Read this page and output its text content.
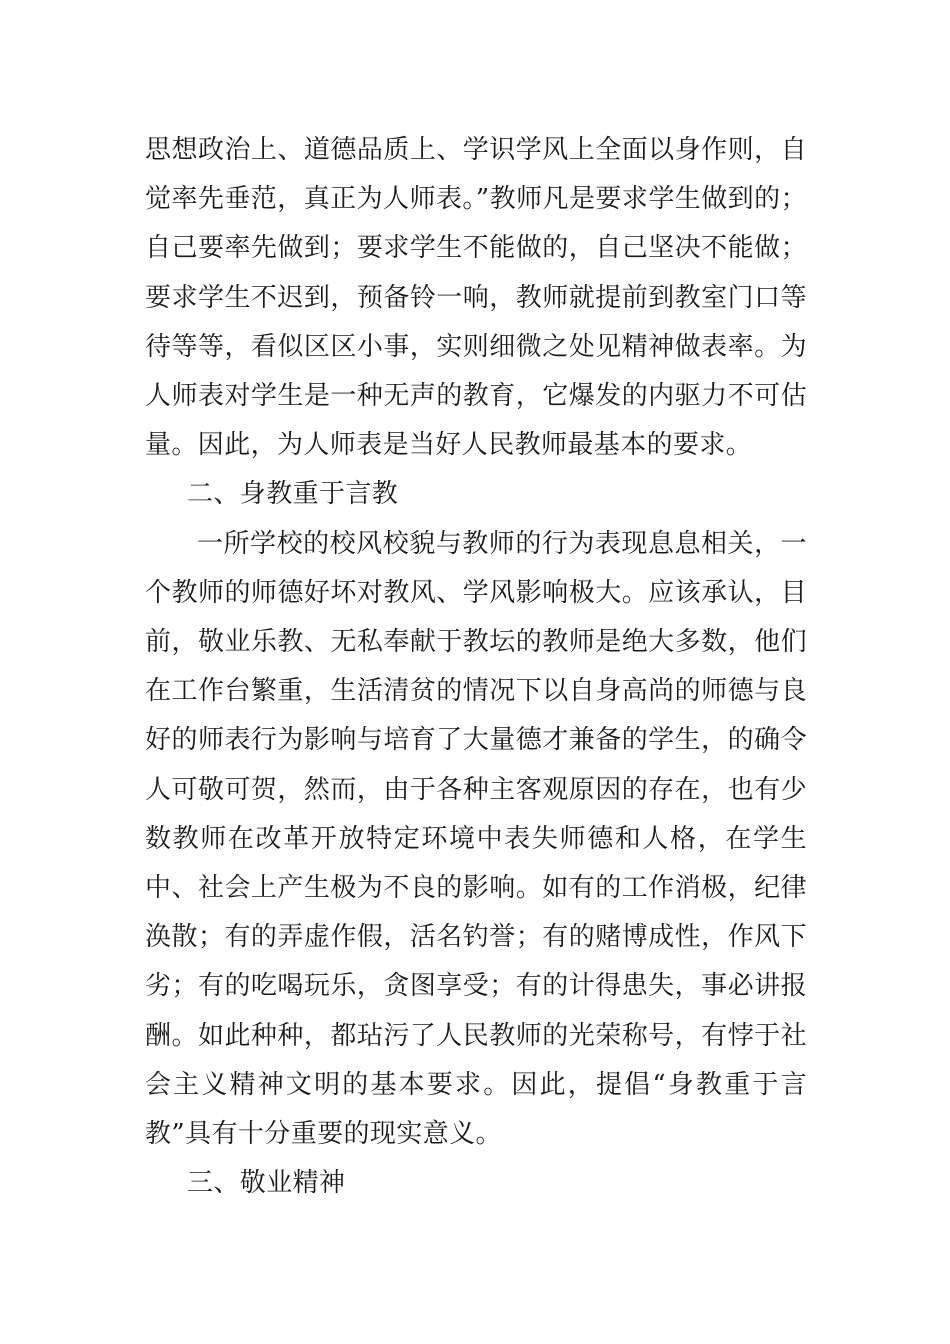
思想政治上、道德品质上、学识学风上全面以身作则，自觉率先垂范，真正为人师表。”教师凡是要求学生做到的；自己要率先做到；要求学生不能做的，自己坚决不能做；要求学生不迟到，预备铃一响，教师就提前到教室门口等待等等，看似区区小事，实则细微之处见精神做表率。为人师表对学生是一种无声的教育，它爆发的内驱力不可估量。因此，为人师表是当好人民教师最基本的要求。

二、身教重于言教

一所学校的校风校貌与教师的行为表现息息相关，一个教师的师德好坏对教风、学风影响极大。应该承认，目前，敬业乐教、无私奉献于教坛的教师是绝大多数，他们在工作台繁重，生活清贫的情况下以自身高尚的师德与良好的师表行为影响与培育了大量德才兼备的学生，的确令人可敬可贺，然而，由于各种主客观原因的存在，也有少数教师在改革开放特定环境中表失师德和人格，在学生中、社会上产生极为不良的影响。如有的工作消极，纪律涣散；有的弄虚作假，活名钓誉；有的赌博成性，作风下劣；有的吃喝玩乐，贪图享受；有的计得患失，事必讲报酬。如此种种，都玷污了人民教师的光荣称号，有悖于社会主义精神文明的基本要求。因此，提倡“身教重于言教”具有十分重要的现实意义。

三、敬业精神
